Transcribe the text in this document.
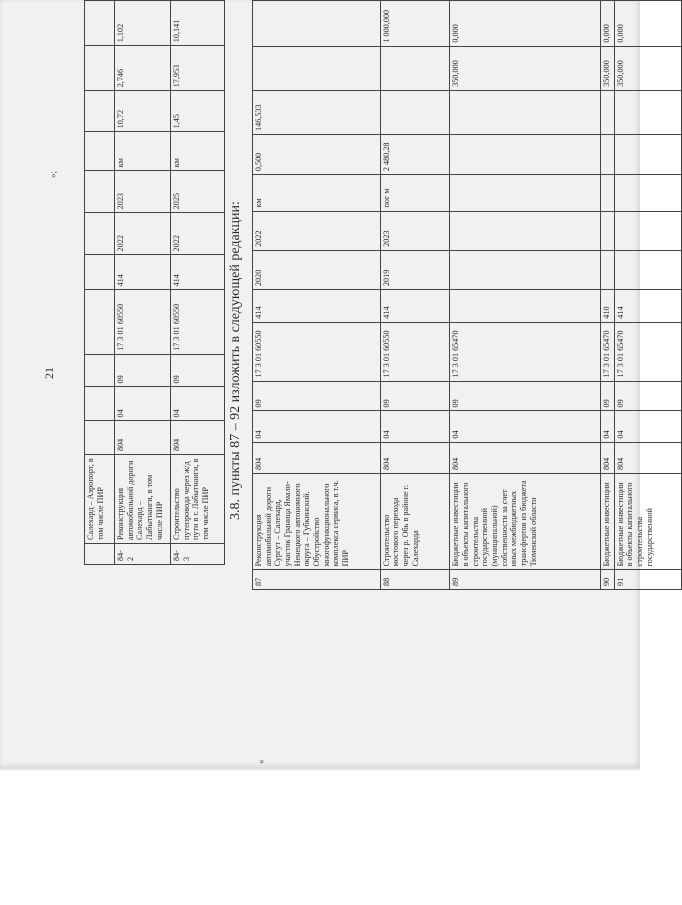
21
	Салехард – Аэропорт, в том числе ПИР											
84-2	Реконструкция автомобильной дороги Салехард – Лабытнанги, в том числе ПИР	804	04	09	17 3 01 60550	414	2022	2023	км	10,72	2,746	1,102
84-3	Строительство путепровода через ж/д пути в г. Лабытнанги, в том числе ПИР	804	04	09	17 3 01 60550	414	2022	2025	км	1,45	17,953	10,141
3.8. пункты 87 – 92 изложить в следующей редакции:
»;
«
87	Реконструкция автомобильной дороги Сургут – Салехард, участок Граница Ямало-Ненецкого автономного округа – Губкинский. Обустройство многофункционального комплекса сервиса, в т.ч. ПИР	804	04	09	17 3 01 60550	414	2020	2022	км	0,500	146,533		
88	Строительство мостового перехода через р. Обь в районе г. Салехарда	804	04	09	17 3 01 60550	414	2019	2023	пог м	2 480,28			1 000,000
89	Бюджетные инвестиции в объекты капитального строительства государственной (муниципальной) собственности за счет иных межбюджетных трансфертов из бюджета Тюменской области	804	04	09	17 3 01 65470							350,000	0,000
90	Бюджетные инвестиции	804	04	09	17 3 01 65470	410						350,000	0,000
91	Бюджетные инвестиции в объекты капитального строительства государственной	804	04	09	17 3 01 65470	414						350,000	0,000
